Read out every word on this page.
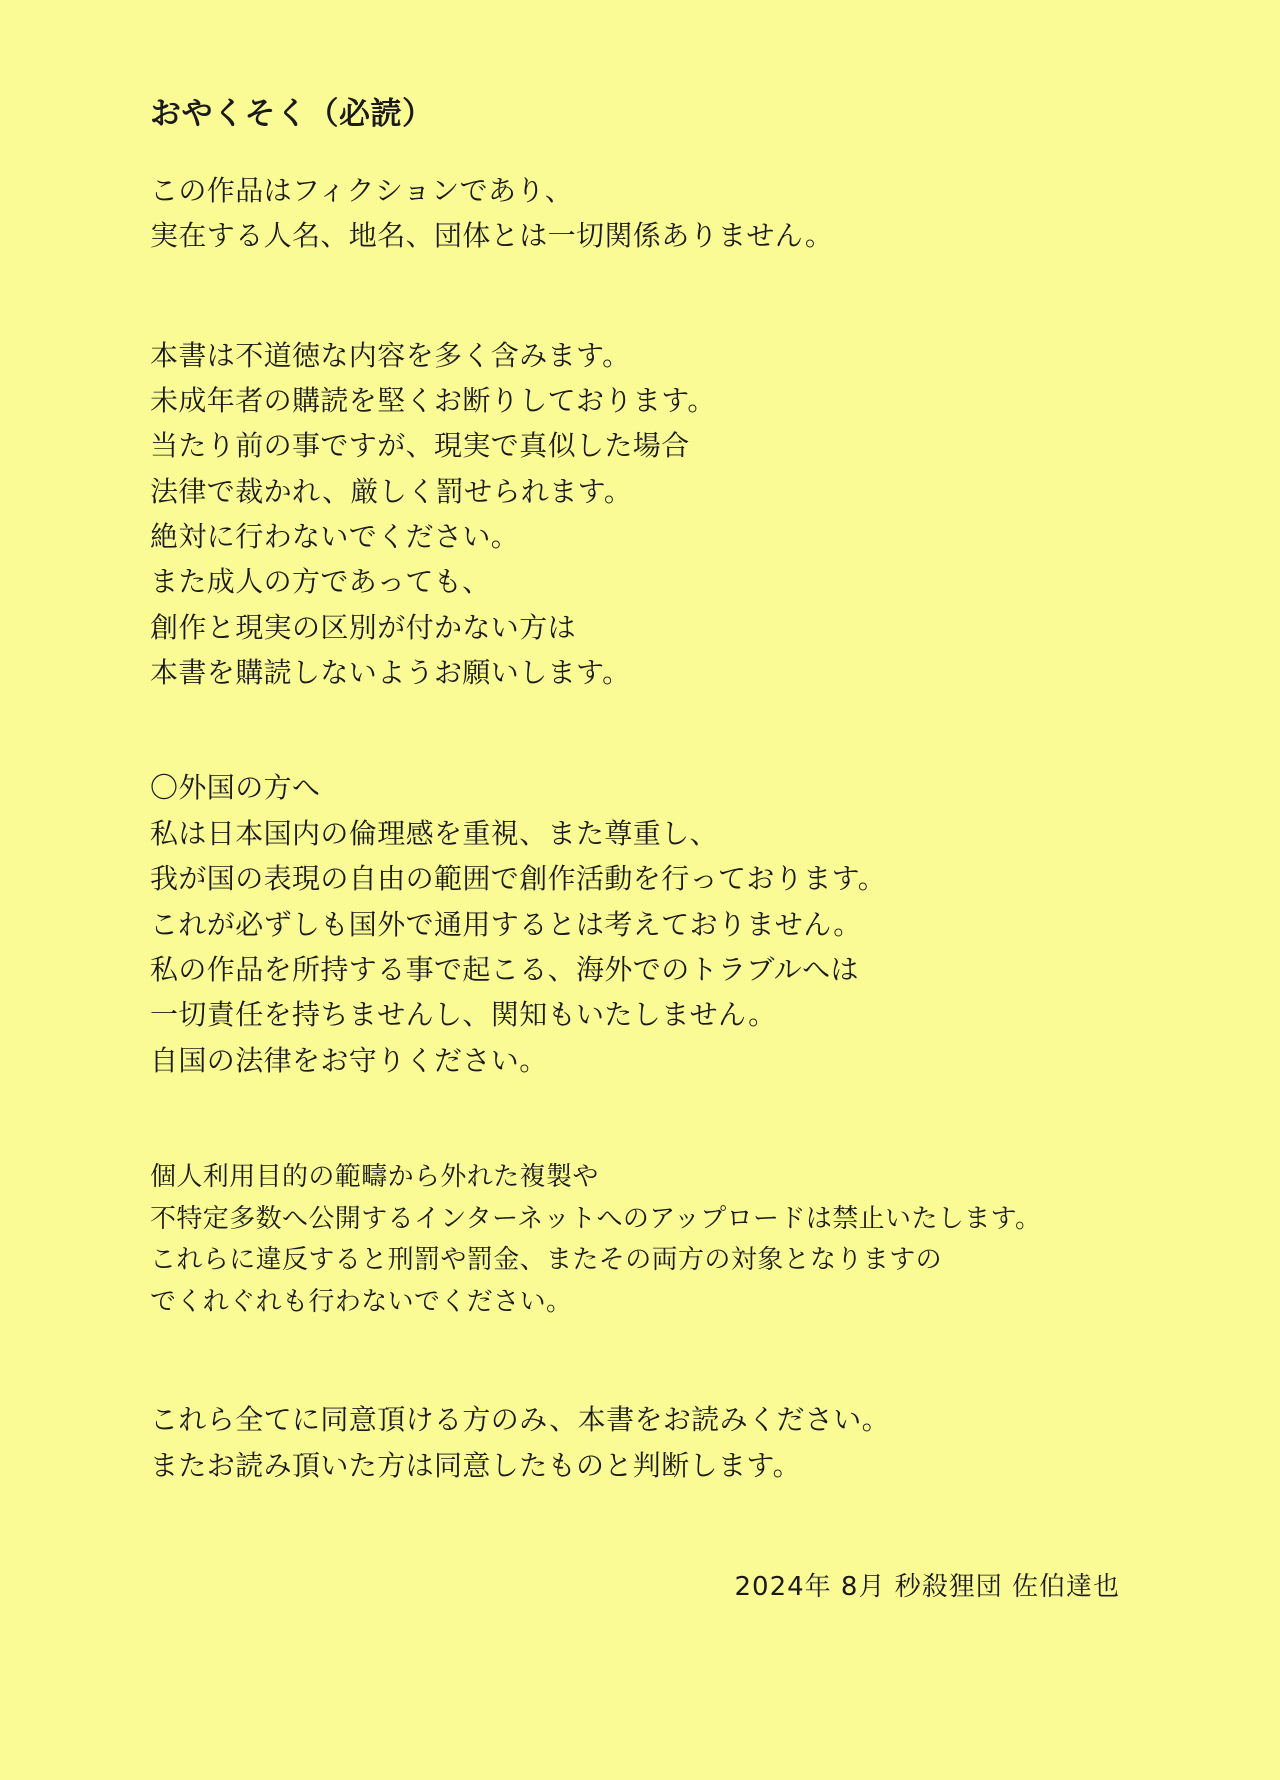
おやくそく（必読）
この作品はフィクションであり、
実在する人名、地名、団体とは一切関係ありません。
本書は不道徳な内容を多く含みます。
未成年者の購読を堅くお断りしております。
当たり前の事ですが、現実で真似した場合
法律で裁かれ、厳しく罰せられます。
絶対に行わないでください。
また成人の方であっても、
創作と現実の区別が付かない方は
本書を購読しないようお願いします。
〇外国の方へ
私は日本国内の倫理感を重視、また尊重し、
我が国の表現の自由の範囲で創作活動を行っております。
これが必ずしも国外で通用するとは考えておりません。
私の作品を所持する事で起こる、海外でのトラブルへは
一切責任を持ちませんし、関知もいたしません。
自国の法律をお守りください。
個人利用目的の範疇から外れた複製や
不特定多数へ公開するインターネットへのアップロードは禁止いたします。
これらに違反すると刑罰や罰金、またその両方の対象となりますの
でくれぐれも行わないでください。
これら全てに同意頂ける方のみ、本書をお読みください。
またお読み頂いた方は同意したものと判断します。
2024年 8月 秒殺狸団 佐伯達也
